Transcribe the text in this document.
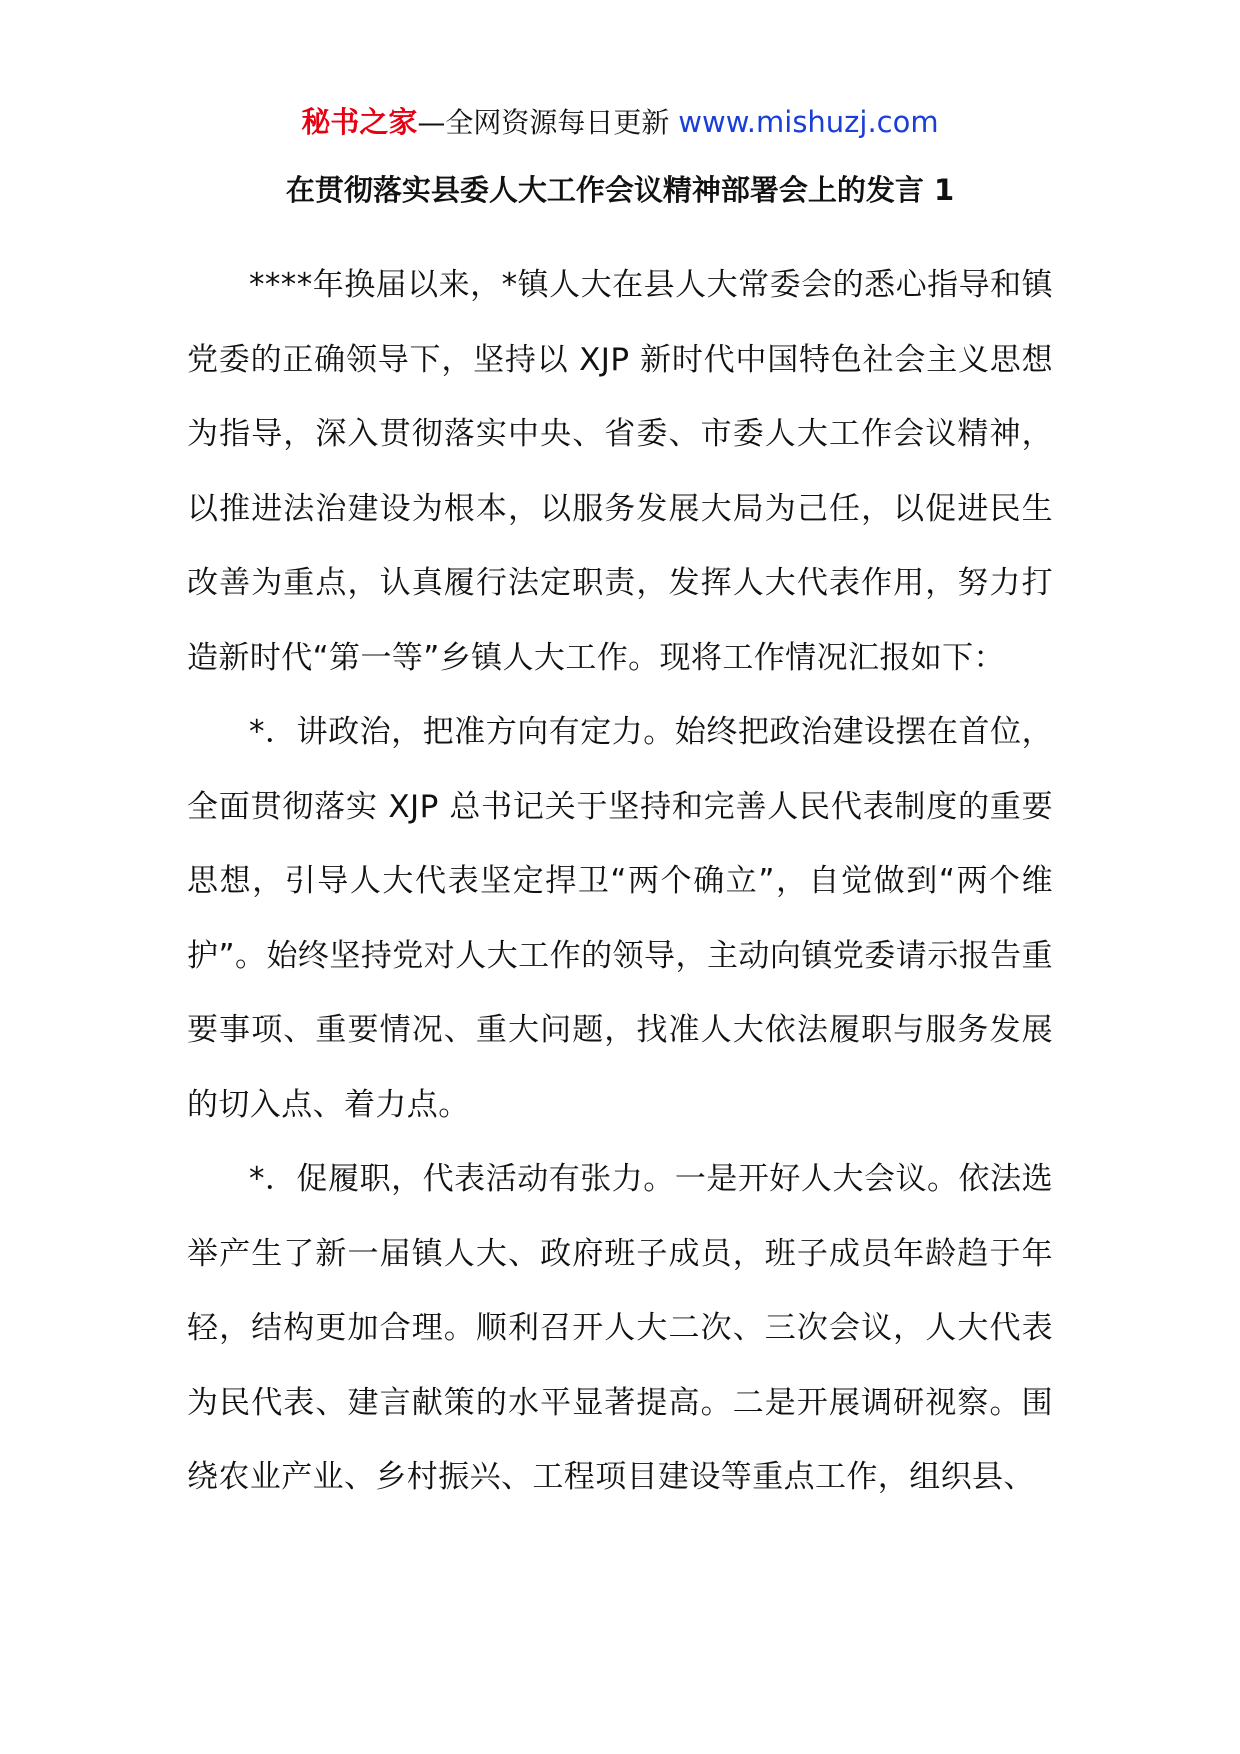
秘书之家—全网资源每日更新 www.mishuzj.com
在贯彻落实县委人大工作会议精神部署会上的发言 1

****年换届以来，*镇人大在县人大常委会的悉心指导和镇党委的正确领导下，坚持以 XJP 新时代中国特色社会主义思想为指导，深入贯彻落实中央、省委、市委人大工作会议精神，以推进法治建设为根本，以服务发展大局为己任，以促进民生改善为重点，认真履行法定职责，发挥人大代表作用，努力打造新时代“第一等”乡镇人大工作。现将工作情况汇报如下：

*．讲政治，把准方向有定力。始终把政治建设摆在首位，全面贯彻落实 XJP 总书记关于坚持和完善人民代表制度的重要思想，引导人大代表坚定捍卫“两个确立”，自觉做到“两个维护”。始终坚持党对人大工作的领导，主动向镇党委请示报告重要事项、重要情况、重大问题，找准人大依法履职与服务发展的切入点、着力点。

*．促履职，代表活动有张力。一是开好人大会议。依法选举产生了新一届镇人大、政府班子成员，班子成员年龄趋于年轻，结构更加合理。顺利召开人大二次、三次会议，人大代表为民代表、建言献策的水平显著提高。二是开展调研视察。围绕农业产业、乡村振兴、工程项目建设等重点工作，组织县、
